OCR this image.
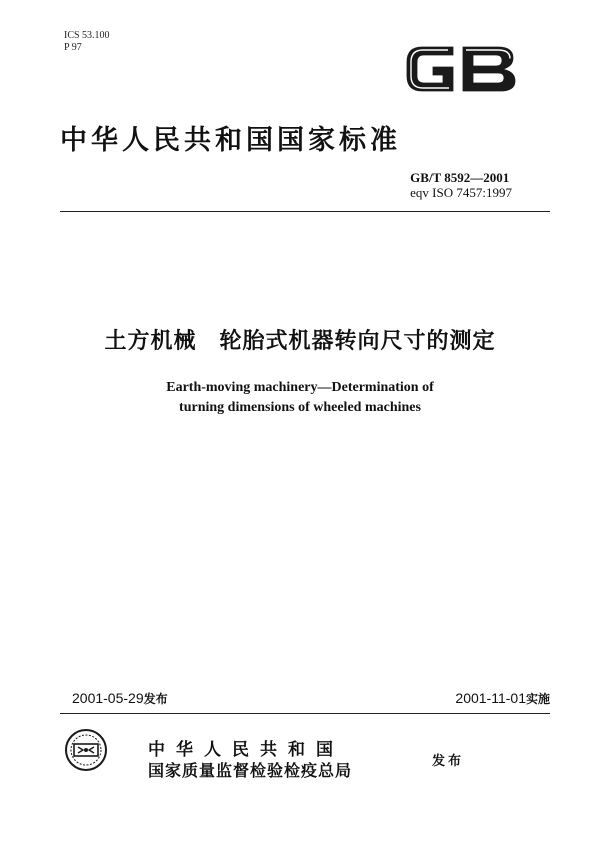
ICS 53.100
P 97
中华人民共和国国家标准
GB/T 8592—2001
eqv ISO 7457:1997
土方机械　轮胎式机器转向尺寸的测定
Earth-moving machinery—Determination of
turning dimensions of wheeled machines
2001-05-29发布	2001-11-01实施
中华人民共和国
国家质量监督检验检疫总局	发布
